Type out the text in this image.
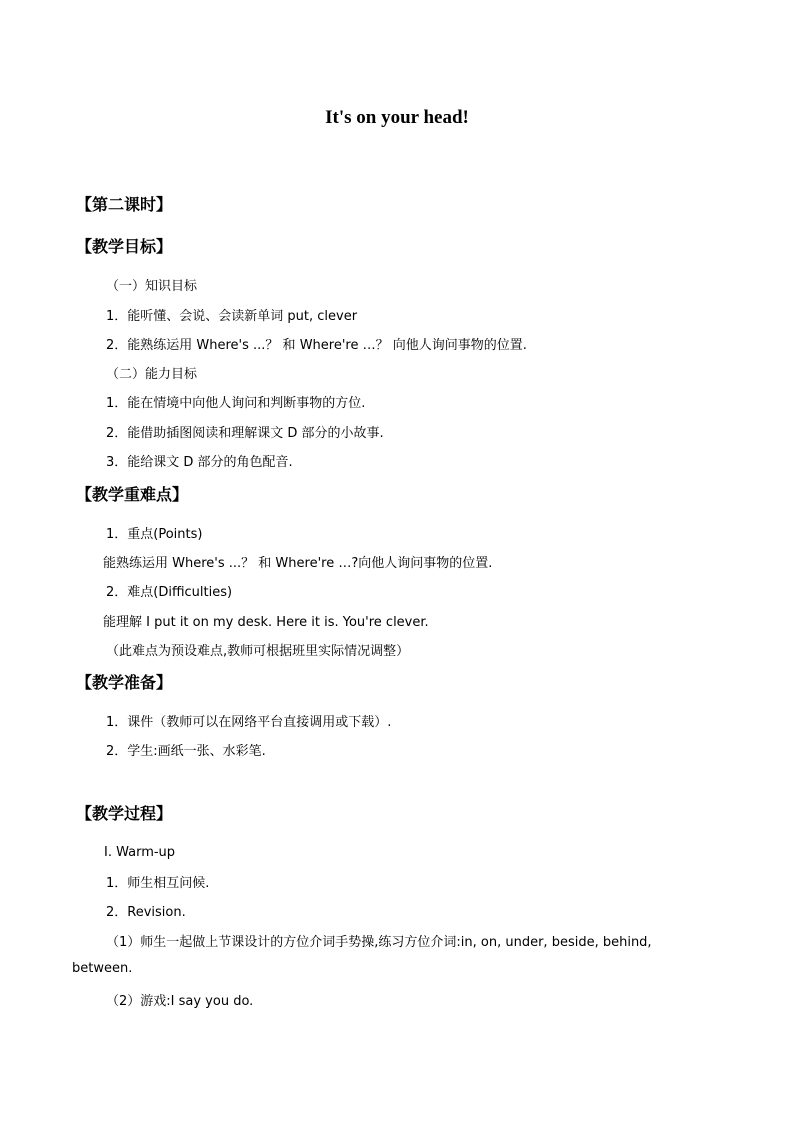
It's on your head!
【第二课时】
【教学目标】
（一）知识目标
1．能听懂、会说、会读新单词 put, clever
2．能熟练运用 Where's ...？ 和 Where're …？ 向他人询问事物的位置.
（二）能力目标
1．能在情境中向他人询问和判断事物的方位.
2．能借助插图阅读和理解课文 D 部分的小故事.
3．能给课文 D 部分的角色配音.
【教学重难点】
1．重点(Points)
能熟练运用 Where's ...？ 和 Where're …?向他人询问事物的位置.
2．难点(Difficulties)
能理解 I put it on my desk. Here it is. You're clever.
（此难点为预设难点,教师可根据班里实际情况调整）
【教学准备】
1．课件（教师可以在网络平台直接调用或下载）.
2．学生:画纸一张、水彩笔.
【教学过程】
I. Warm-up
1．师生相互问候.
2．Revision.
（1）师生一起做上节课设计的方位介词手势操,练习方位介词:in, on, under, beside, behind,
between.
（2）游戏:I say you do.
